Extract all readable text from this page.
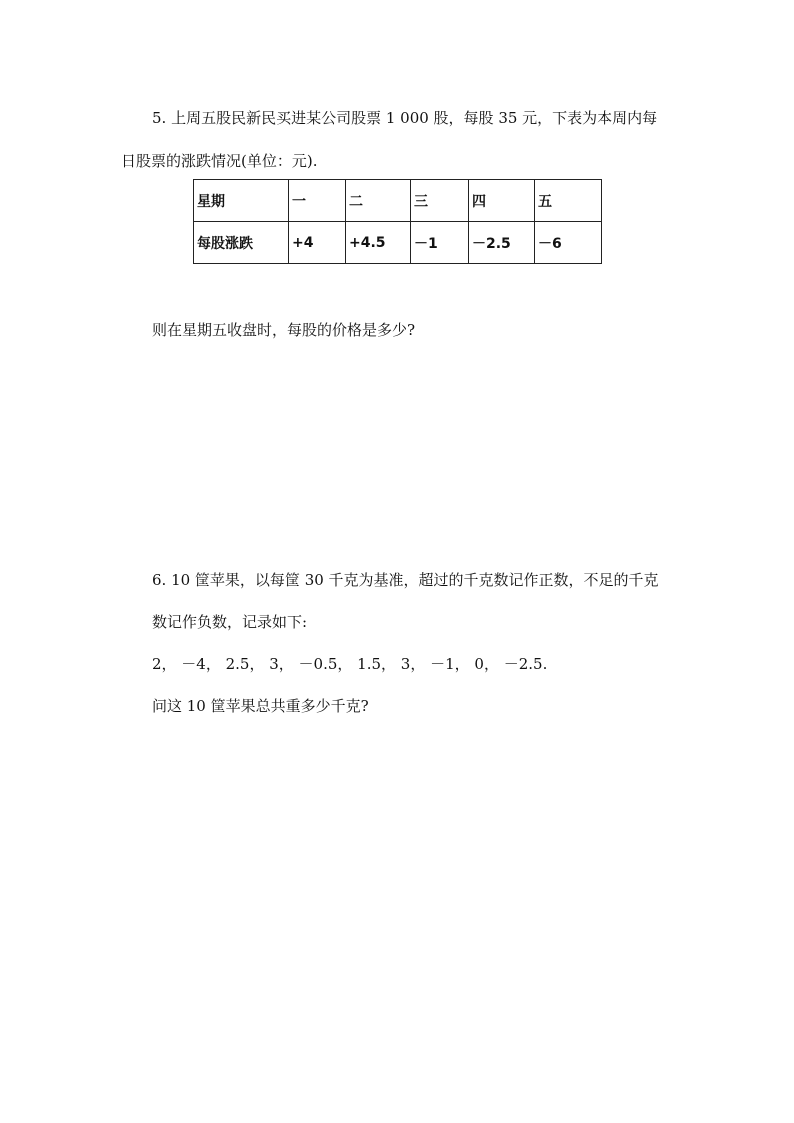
5. 上周五股民新民买进某公司股票 1 000 股，每股 35 元，下表为本周内每
日股票的涨跌情况(单位：元).
星期	一	二	三	四	五
每股涨跌	+4	+4.5	－1	－2.5	－6
则在星期五收盘时，每股的价格是多少?
6. 10 筐苹果，以每筐 30 千克为基准，超过的千克数记作正数，不足的千克
数记作负数，记录如下:
2， －4， 2.5， 3， －0.5， 1.5， 3， －1， 0， －2.5.
问这 10 筐苹果总共重多少千克?
